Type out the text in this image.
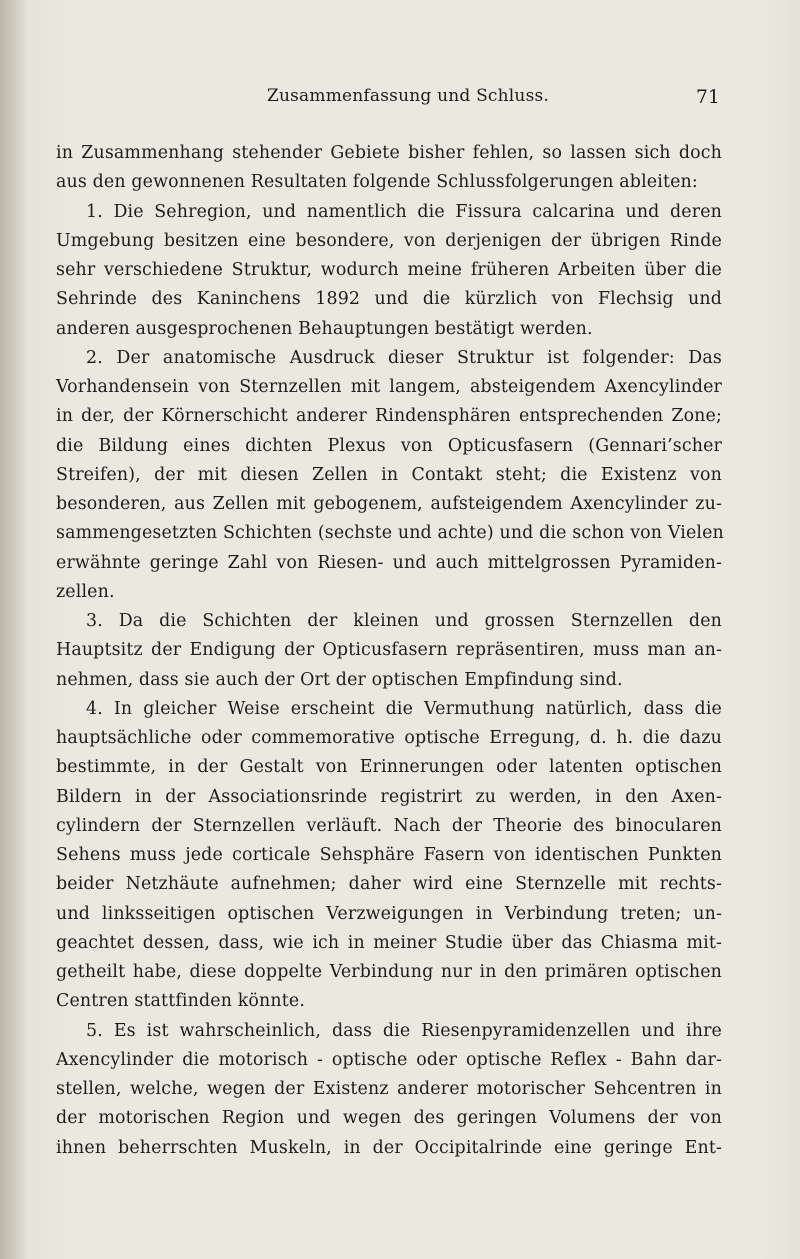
Zusammenfassung und Schluss.	71
in Zusammenhang stehender Gebiete bisher fehlen, so lassen sich doch
aus den gewonnenen Resultaten folgende Schlussfolgerungen ableiten:
1. Die Sehregion, und namentlich die Fissura calcarina und deren
Umgebung besitzen eine besondere, von derjenigen der übrigen Rinde
sehr verschiedene Struktur, wodurch meine früheren Arbeiten über die
Sehrinde des Kaninchens 1892 und die kürzlich von Flechsig und
anderen ausgesprochenen Behauptungen bestätigt werden.
2. Der anatomische Ausdruck dieser Struktur ist folgender: Das
Vorhandensein von Sternzellen mit langem, absteigendem Axencylinder
in der, der Körnerschicht anderer Rindensphären entsprechenden Zone;
die Bildung eines dichten Plexus von Opticusfasern (Gennari’scher
Streifen), der mit diesen Zellen in Contakt steht; die Existenz von
besonderen, aus Zellen mit gebogenem, aufsteigendem Axencylinder zu-
sammengesetzten Schichten (sechste und achte) und die schon von Vielen
erwähnte geringe Zahl von Riesen- und auch mittelgrossen Pyramiden-
zellen.
3. Da die Schichten der kleinen und grossen Sternzellen den
Hauptsitz der Endigung der Opticusfasern repräsentiren, muss man an-
nehmen, dass sie auch der Ort der optischen Empfindung sind.
4. In gleicher Weise erscheint die Vermuthung natürlich, dass die
hauptsächliche oder commemorative optische Erregung, d. h. die dazu
bestimmte, in der Gestalt von Erinnerungen oder latenten optischen
Bildern in der Associationsrinde registrirt zu werden, in den Axen-
cylindern der Sternzellen verläuft. Nach der Theorie des binocularen
Sehens muss jede corticale Sehsphäre Fasern von identischen Punkten
beider Netzhäute aufnehmen; daher wird eine Sternzelle mit rechts-
und linksseitigen optischen Verzweigungen in Verbindung treten; un-
geachtet dessen, dass, wie ich in meiner Studie über das Chiasma mit-
getheilt habe, diese doppelte Verbindung nur in den primären optischen
Centren stattfinden könnte.
5. Es ist wahrscheinlich, dass die Riesenpyramidenzellen und ihre
Axencylinder die motorisch - optische oder optische Reflex - Bahn dar-
stellen, welche, wegen der Existenz anderer motorischer Sehcentren in
der motorischen Region und wegen des geringen Volumens der von
ihnen beherrschten Muskeln, in der Occipitalrinde eine geringe Ent-
